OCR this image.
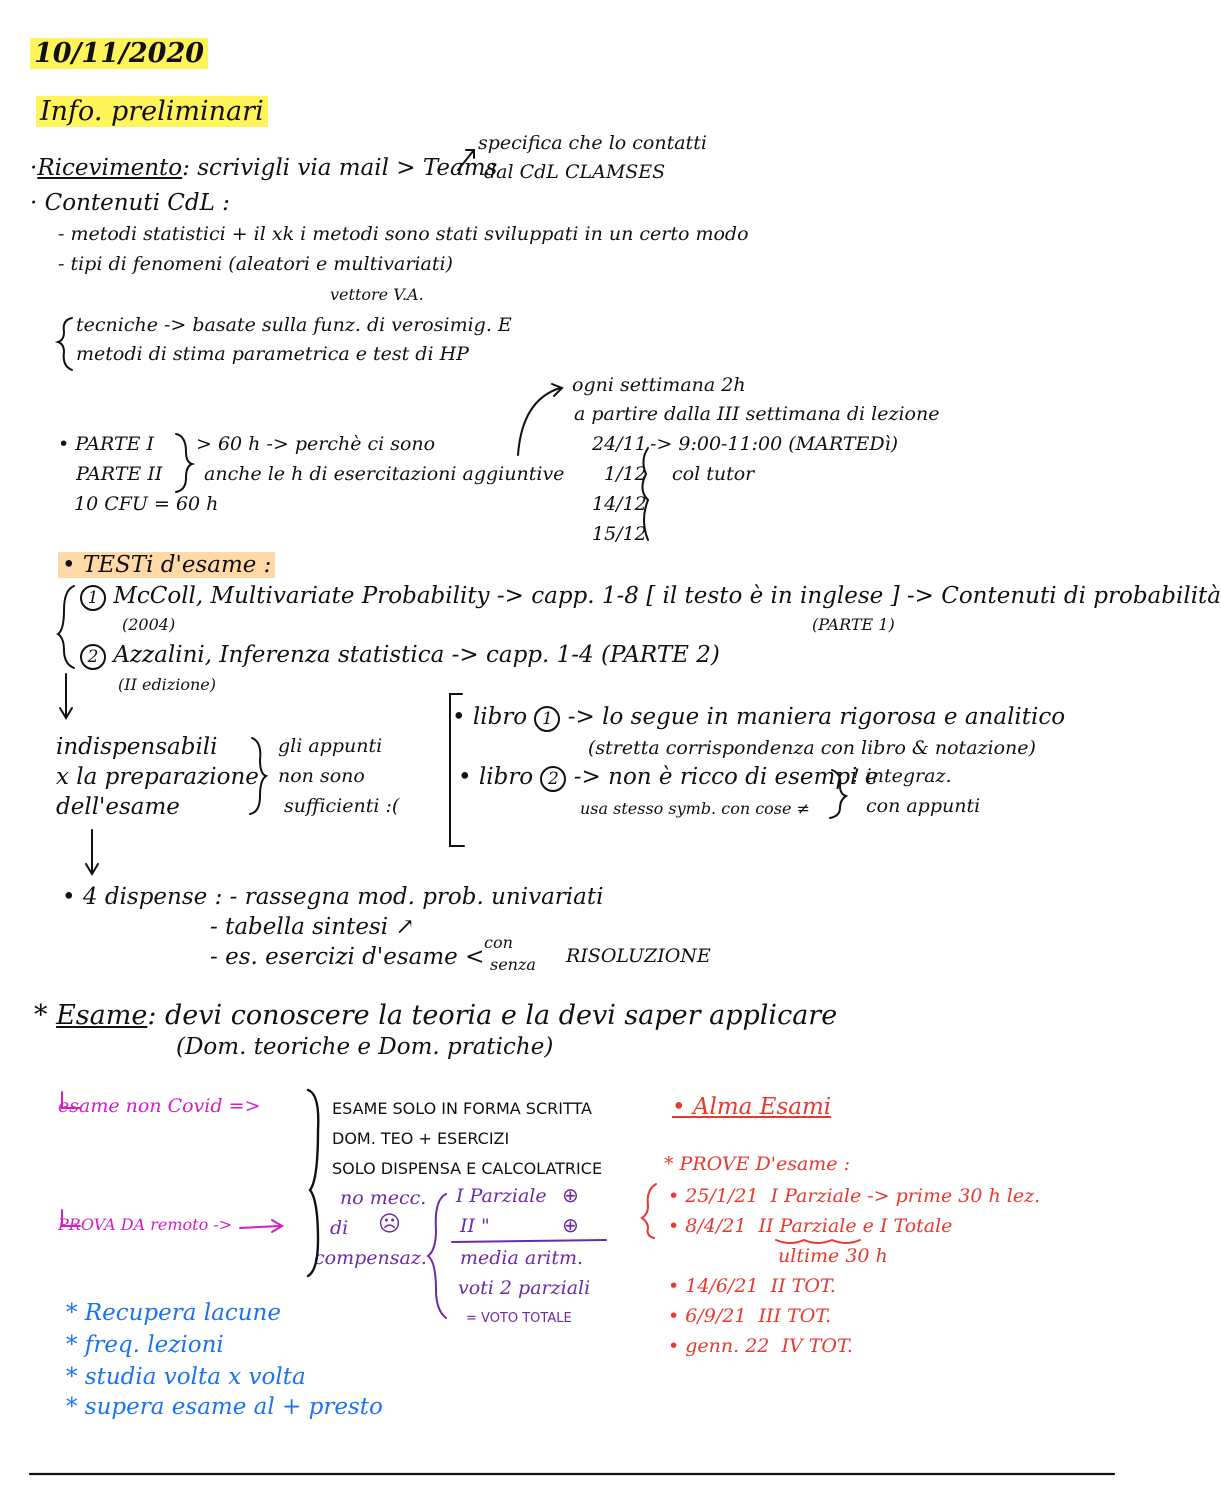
10/11/2020
Info. preliminari
·Ricevimento: scrivigli via mail > Teams
specifica che lo contatti
dal CdL CLAMSES
· Contenuti CdL :
- metodi statistici + il xk i metodi sono stati sviluppati in un certo modo
- tipi di fenomeni (aleatori e multivariati)
vettore V.A.
tecniche -> basate sulla funz. di verosimig. E
metodi di stima parametrica e test di HP
• PARTE I
PARTE II
10 CFU = 60 h
> 60 h -> perchè ci sono
anche le h di esercitazioni aggiuntive
ogni settimana 2h
a partire dalla III settimana di lezione
24/11
1/12
14/12
15/12
-> 9:00-11:00 (MARTEDì)
col tutor
• TESTi d'esame :
1 McColl, Multivariate Probability -> capp. 1-8 [ il testo è in inglese ] -> Contenuti di probabilità
(2004)	(PARTE 1)
2 Azzalini, Inferenza statistica -> capp. 1-4 (PARTE 2)
(II edizione)
indispensabili
x la preparazione
dell'esame
gli appunti
non sono
sufficienti :(
• libro 1 -> lo segue in maniera rigorosa e analitico
(stretta corrispondenza con libro & notazione)
• libro 2 -> non è ricco di esempi e
usa stesso symb. con cose ≠
! integraz.
con appunti
• 4 dispense : - rassegna mod. prob. univariati
- tabella sintesi ↗
- es. esercizi d'esame <
con
senza RISOLUZIONE
* Esame: devi conoscere la teoria e la devi saper applicare
(Dom. teoriche e Dom. pratiche)
esame non Covid =>
PROVA DA remoto ->
ESAME SOLO IN FORMA SCRITTA
DOM. TEO + ESERCIZI
SOLO DISPENSA E CALCOLATRICE
no mecc.
di
compensaz.
☹
I Parziale ⊕
II "	⊕
media aritm.
voti 2 parziali
= VOTO TOTALE
• Alma Esami
* PROVE D'esame :
• 25/1/21 I Parziale -> prime 30 h lez.
• 8/4/21 II Parziale e I Totale
ultime 30 h
• 14/6/21 II TOT.
• 6/9/21 III TOT.
• genn. 22 IV TOT.
* Recupera lacune
* freq. lezioni
* studia volta x volta
* supera esame al + presto
